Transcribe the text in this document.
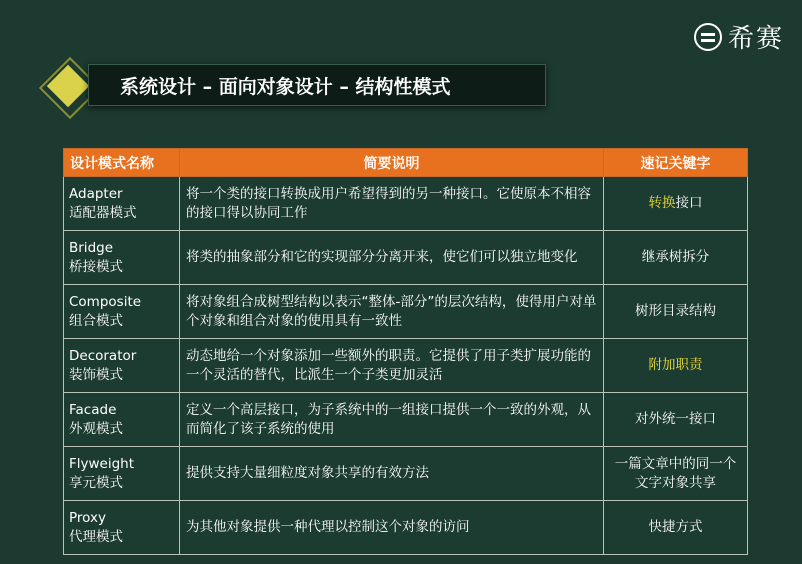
希赛
系统设计 – 面向对象设计 – 结构性模式
设计模式名称	简要说明	速记关键字

Adapter
适配器模式	将一个类的接口转换成用户希望得到的另一种接口。它使原本不相容的接口得以协同工作	转换接口

Bridge
桥接模式	将类的抽象部分和它的实现部分分离开来，使它们可以独立地变化	继承树拆分

Composite
组合模式	将对象组合成树型结构以表示“整体-部分”的层次结构，使得用户对单个对象和组合对象的使用具有一致性	树形目录结构

Decorator
装饰模式	动态地给一个对象添加一些额外的职责。它提供了用子类扩展功能的一个灵活的替代，比派生一个子类更加灵活	附加职责

Facade
外观模式	定义一个高层接口，为子系统中的一组接口提供一个一致的外观，从而简化了该子系统的使用	对外统一接口

Flyweight
享元模式	提供支持大量细粒度对象共享的有效方法	一篇文章中的同一个文字对象共享

Proxy
代理模式	为其他对象提供一种代理以控制这个对象的访问	快捷方式
